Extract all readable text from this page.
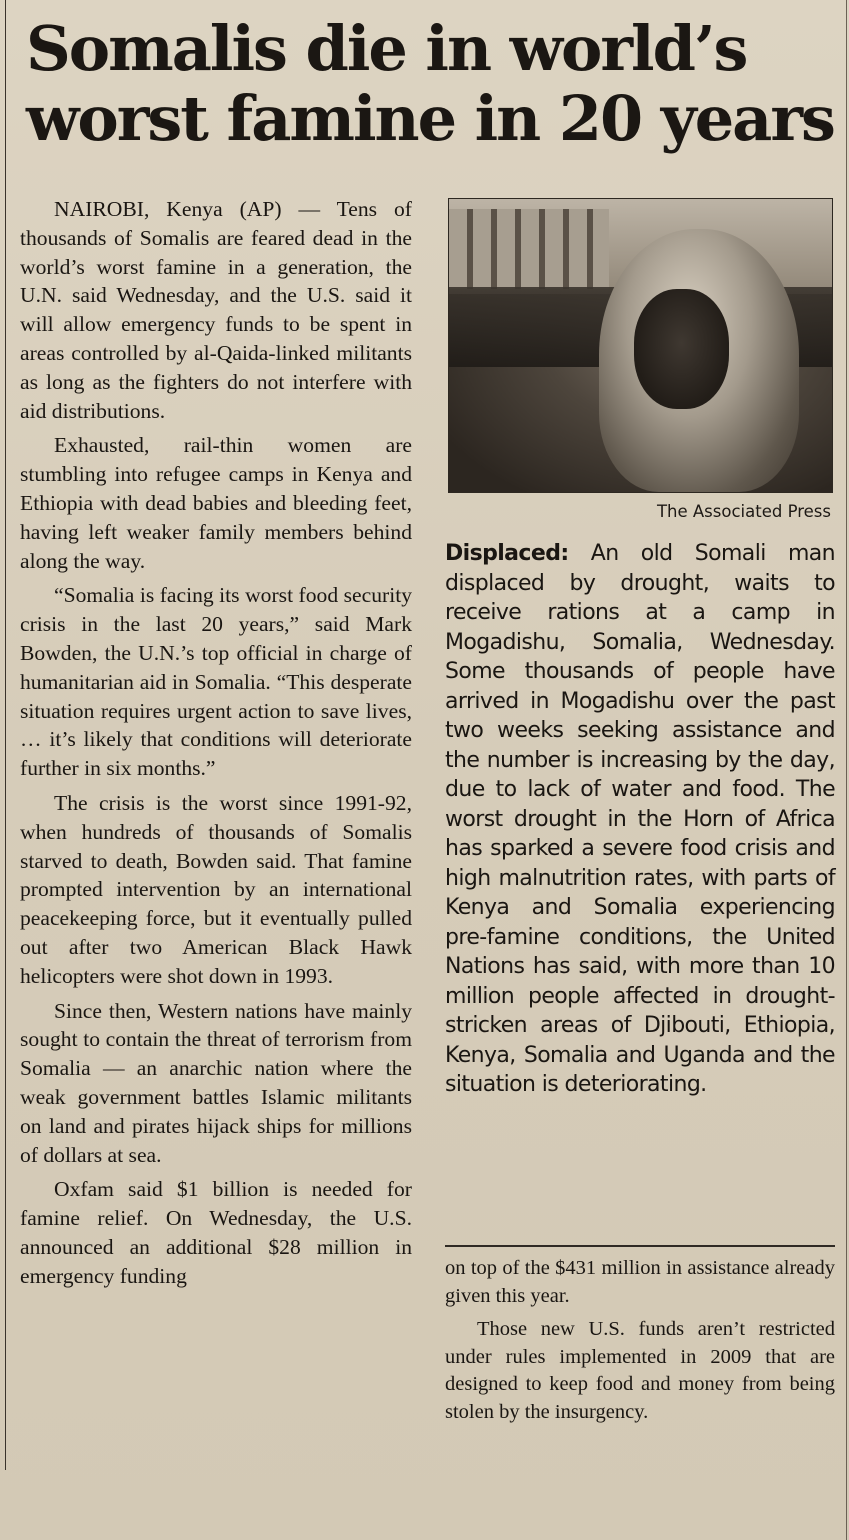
Somalis die in world’s worst famine in 20 years

NAIROBI, Kenya (AP) — Tens of thousands of Somalis are feared dead in the world’s worst famine in a generation, the U.N. said Wednesday, and the U.S. said it will allow emergency funds to be spent in areas controlled by al-Qaida-linked militants as long as the fighters do not interfere with aid distributions.

Exhausted, rail-thin women are stumbling into refugee camps in Kenya and Ethiopia with dead babies and bleeding feet, having left weaker family members behind along the way.

“Somalia is facing its worst food security crisis in the last 20 years,” said Mark Bowden, the U.N.’s top official in charge of humanitarian aid in Somalia. “This desperate situation requires urgent action to save lives, … it’s likely that conditions will deteriorate further in six months.”

The crisis is the worst since 1991-92, when hundreds of thousands of Somalis starved to death, Bowden said. That famine prompted intervention by an international peacekeeping force, but it eventually pulled out after two American Black Hawk helicopters were shot down in 1993.

Since then, Western nations have mainly sought to contain the threat of terrorism from Somalia — an anarchic nation where the weak government battles Islamic militants on land and pirates hijack ships for millions of dollars at sea.

Oxfam said $1 billion is needed for famine relief. On Wednesday, the U.S. announced an additional $28 million in emergency funding

The Associated Press

Displaced: An old Somali man displaced by drought, waits to receive rations at a camp in Mogadishu, Somalia, Wednesday. Some thousands of people have arrived in Mogadishu over the past two weeks seeking assistance and the number is increasing by the day, due to lack of water and food. The worst drought in the Horn of Africa has sparked a severe food crisis and high malnutrition rates, with parts of Kenya and Somalia experiencing pre-famine conditions, the United Nations has said, with more than 10 million people affected in drought-stricken areas of Djibouti, Ethiopia, Kenya, Somalia and Uganda and the situation is deteriorating.

on top of the $431 million in assistance already given this year.

Those new U.S. funds aren’t restricted under rules implemented in 2009 that are designed to keep food and money from being stolen by the insurgency.
